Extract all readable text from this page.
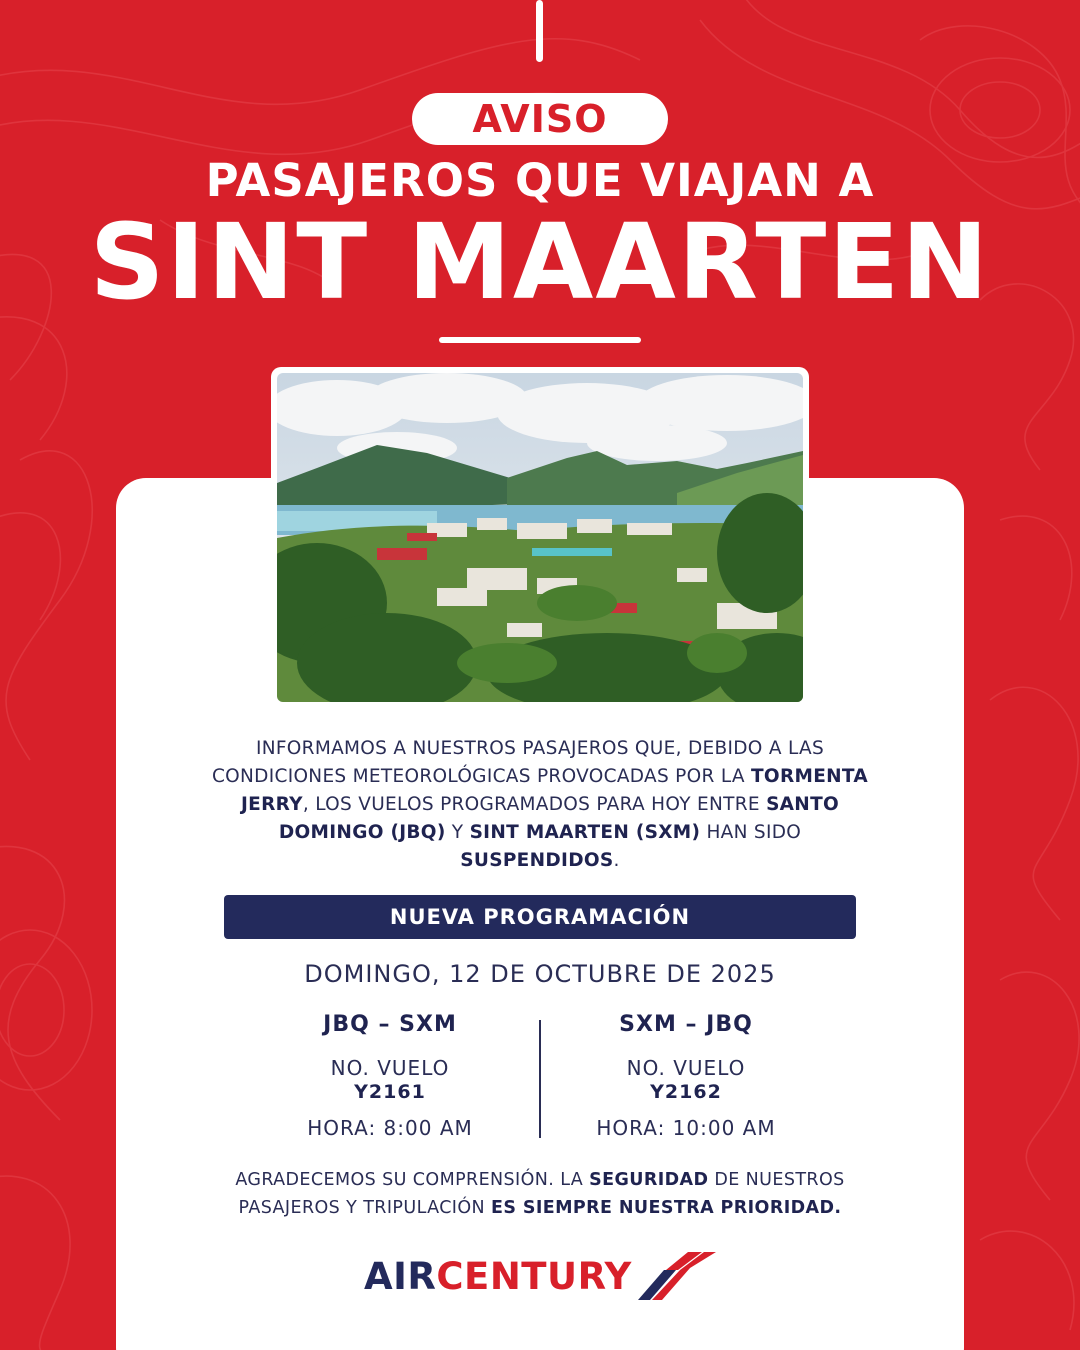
AVISO
PASAJEROS QUE VIAJAN A
SINT MAARTEN

INFORMAMOS A NUESTROS PASAJEROS QUE, DEBIDO A LAS CONDICIONES METEOROLÓGICAS PROVOCADAS POR LA TORMENTA JERRY, LOS VUELOS PROGRAMADOS PARA HOY ENTRE SANTO DOMINGO (JBQ) Y SINT MAARTEN (SXM) HAN SIDO SUSPENDIDOS.

NUEVA PROGRAMACIÓN
DOMINGO, 12 DE OCTUBRE DE 2025
JBQ – SXM
NO. VUELO
Y2161
HORA: 8:00 AM
SXM – JBQ
NO. VUELO
Y2162
HORA: 10:00 AM

AGRADECEMOS SU COMPRENSIÓN. LA SEGURIDAD DE NUESTROS PASAJEROS Y TRIPULACIÓN ES SIEMPRE NUESTRA PRIORIDAD.

AIR CENTURY
